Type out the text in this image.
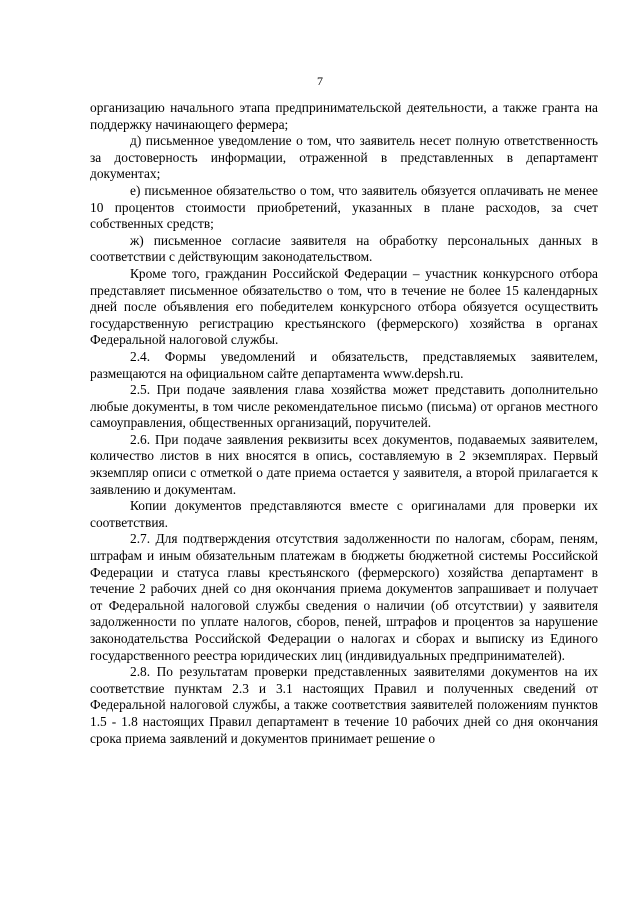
7

организацию начального этапа предпринимательской деятельности, а также гранта на поддержку начинающего фермера;

д) письменное уведомление о том, что заявитель несет полную ответственность за достоверность информации, отраженной в представленных в департамент документах;

е) письменное обязательство о том, что заявитель обязуется оплачивать не менее 10 процентов стоимости приобретений, указанных в плане расходов, за счет собственных средств;

ж) письменное согласие заявителя на обработку персональных данных в соответствии с действующим законодательством.

Кроме того, гражданин Российской Федерации – участник конкурсного отбора представляет письменное обязательство о том, что в течение не более 15 календарных дней после объявления его победителем конкурсного отбора обязуется осуществить государственную регистрацию крестьянского (фермерского) хозяйства в органах Федеральной налоговой службы.

2.4. Формы уведомлений и обязательств, представляемых заявителем, размещаются на официальном сайте департамента www.depsh.ru.

2.5. При подаче заявления глава хозяйства может представить дополнительно любые документы, в том числе рекомендательное письмо (письма) от органов местного самоуправления, общественных организаций, поручителей.

2.6. При подаче заявления реквизиты всех документов, подаваемых заявителем, количество листов в них вносятся в опись, составляемую в 2 экземплярах. Первый экземпляр описи с отметкой о дате приема остается у заявителя, а второй прилагается к заявлению и документам.

Копии документов представляются вместе с оригиналами для проверки их соответствия.

2.7. Для подтверждения отсутствия задолженности по налогам, сборам, пеням, штрафам и иным обязательным платежам в бюджеты бюджетной системы Российской Федерации и статуса главы крестьянского (фермерского) хозяйства департамент в течение 2 рабочих дней со дня окончания приема документов запрашивает и получает от Федеральной налоговой службы сведения о наличии (об отсутствии) у заявителя задолженности по уплате налогов, сборов, пеней, штрафов и процентов за нарушение законодательства Российской Федерации о налогах и сборах и выписку из Единого государственного реестра юридических лиц (индивидуальных предпринимателей).

2.8. По результатам проверки представленных заявителями документов на их соответствие пунктам 2.3 и 3.1 настоящих Правил и полученных сведений от Федеральной налоговой службы, а также соответствия заявителей положениям пунктов 1.5 - 1.8 настоящих Правил департамент в течение 10 рабочих дней со дня окончания срока приема заявлений и документов принимает решение о
